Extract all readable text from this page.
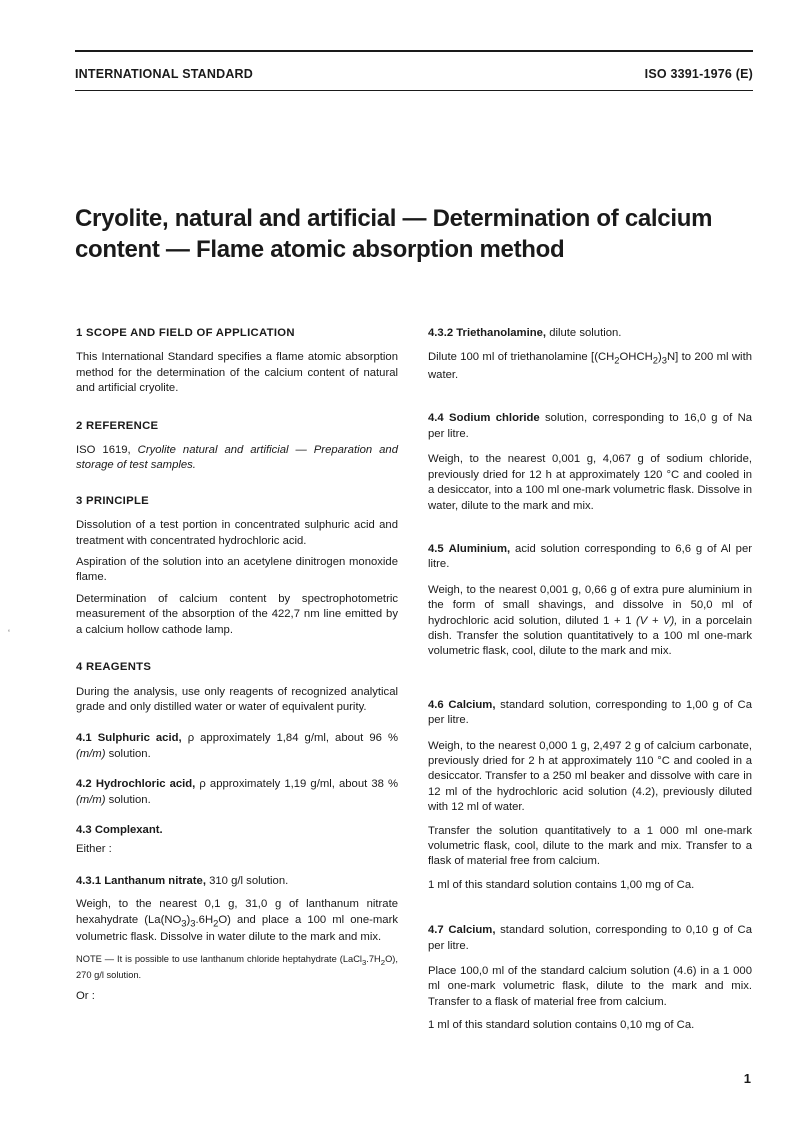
INTERNATIONAL STANDARD	ISO 3391-1976 (E)

Cryolite, natural and artificial — Determination of calcium content — Flame atomic absorption method
‘

1 SCOPE AND FIELD OF APPLICATION

This International Standard specifies a flame atomic absorption method for the determination of the calcium content of natural and artificial cryolite.

2 REFERENCE

ISO 1619, Cryolite natural and artificial — Preparation and storage of test samples.

3 PRINCIPLE

Dissolution of a test portion in concentrated sulphuric acid and treatment with concentrated hydrochloric acid.

Aspiration of the solution into an acetylene dinitrogen monoxide flame.

Determination of calcium content by spectrophotometric measurement of the absorption of the 422,7 nm line emitted by a calcium hollow cathode lamp.

4 REAGENTS

During the analysis, use only reagents of recognized analytical grade and only distilled water or water of equivalent purity.

4.1 Sulphuric acid, ρ approximately 1,84 g/ml, about 96 % (m/m) solution.

4.2 Hydrochloric acid, ρ approximately 1,19 g/ml, about 38 % (m/m) solution.

4.3 Complexant.

Either :

4.3.1 Lanthanum nitrate, 310 g/l solution.

Weigh, to the nearest 0,1 g, 31,0 g of lanthanum nitrate hexahydrate $(La(NO_3)_3.6H_2O)$ and place a 100 ml one-mark volumetric flask. Dissolve in water dilute to the mark and mix.

NOTE — It is possible to use lanthanum chloride heptahydrate $(LaCl_3.7H_2O)$, 270 g/l solution.

Or :

4.3.2 Triethanolamine, dilute solution.

Dilute 100 ml of triethanolamine $[(CH_2OHCH_2)_3N]$ to 200 ml with water.

4.4 Sodium chloride solution, corresponding to 16,0 g of Na per litre.

Weigh, to the nearest 0,001 g, 4,067 g of sodium chloride, previously dried for 12 h at approximately 120 °C and cooled in a desiccator, into a 100 ml one-mark volumetric flask. Dissolve in water, dilute to the mark and mix.

4.5 Aluminium, acid solution corresponding to 6,6 g of Al per litre.

Weigh, to the nearest 0,001 g, 0,66 g of extra pure aluminium in the form of small shavings, and dissolve in 50,0 ml of hydrochloric acid solution, diluted 1 + 1 (V + V), in a porcelain dish. Transfer the solution quantitatively to a 100 ml one-mark volumetric flask, cool, dilute to the mark and mix.

4.6 Calcium, standard solution, corresponding to 1,00 g of Ca per litre.

Weigh, to the nearest 0,000 1 g, 2,497 2 g of calcium carbonate, previously dried for 2 h at approximately 110 °C and cooled in a desiccator. Transfer to a 250 ml beaker and dissolve with care in 12 ml of the hydrochloric acid solution (4.2), previously diluted with 12 ml of water.

Transfer the solution quantitatively to a 1 000 ml one-mark volumetric flask, cool, dilute to the mark and mix. Transfer to a flask of material free from calcium.

1 ml of this standard solution contains 1,00 mg of Ca.

4.7 Calcium, standard solution, corresponding to 0,10 g of Ca per litre.

Place 100,0 ml of the standard calcium solution (4.6) in a 1 000 ml one-mark volumetric flask, dilute to the mark and mix. Transfer to a flask of material free from calcium.

1 ml of this standard solution contains 0,10 mg of Ca.

1
